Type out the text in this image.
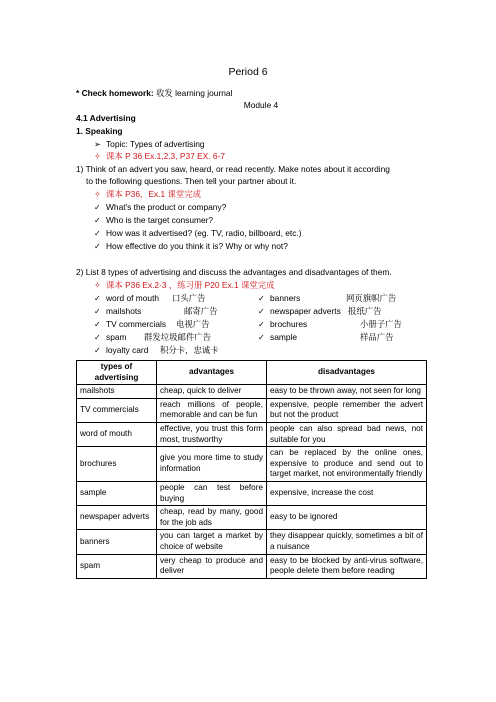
Period 6
* Check homework: 收发 learning journal
Module 4
4.1 Advertising
1. Speaking
➢ Topic: Types of advertising
✧ 课本 P 36 Ex.1,2,3, P37 EX. 6-7
1) Think of an advert you saw, heard, or read recently. Make notes about it according
to the following questions. Then tell your partner about it.
✧ 课本 P36，Ex.1 课堂完成
✓ What's the product or company?
✓ Who is the target consumer?
✓ How was it advertised? (eg. TV, radio, billboard, etc.)
✓ How effective do you think it is? Why or why not?
2) List 8 types of advertising and discuss the advantages and disadvantages of them.
✧ 课本 P36 Ex.2-3 ，练习册 P20 Ex.1 课堂完成
✓ word of mouth 口头广告
✓ mailshots	邮寄广告
✓ TV commercials 电视广告
✓ spam 群发垃圾邮件广告
✓ loyalty card 积分卡，忠诚卡
✓ banners	网页旗帜广告
✓ newspaper adverts 报纸广告
✓ brochures	小册子广告
✓ sample	样品广告
types of advertising	advantages	disadvantages
mailshots	cheap, quick to deliver	easy to be thrown away, not seen for long
TV commercials	reach millions of people, memorable and can be fun	expensive, people remember the advert but not the product
word of mouth	effective, you trust this form most, trustworthy	people can also spread bad news, not suitable for you
brochures	give you more time to study information	can be replaced by the online ones, expensive to produce and send out to target market, not environmentally friendly
sample	people can test before buying	expensive, increase the cost
newspaper adverts	cheap, read by many, good for the job ads	easy to be ignored
banners	you can target a market by choice of website	they disappear quickly, sometimes a bit of a nuisance
spam	very cheap to produce and deliver	easy to be blocked by anti-virus software, people delete them before reading
